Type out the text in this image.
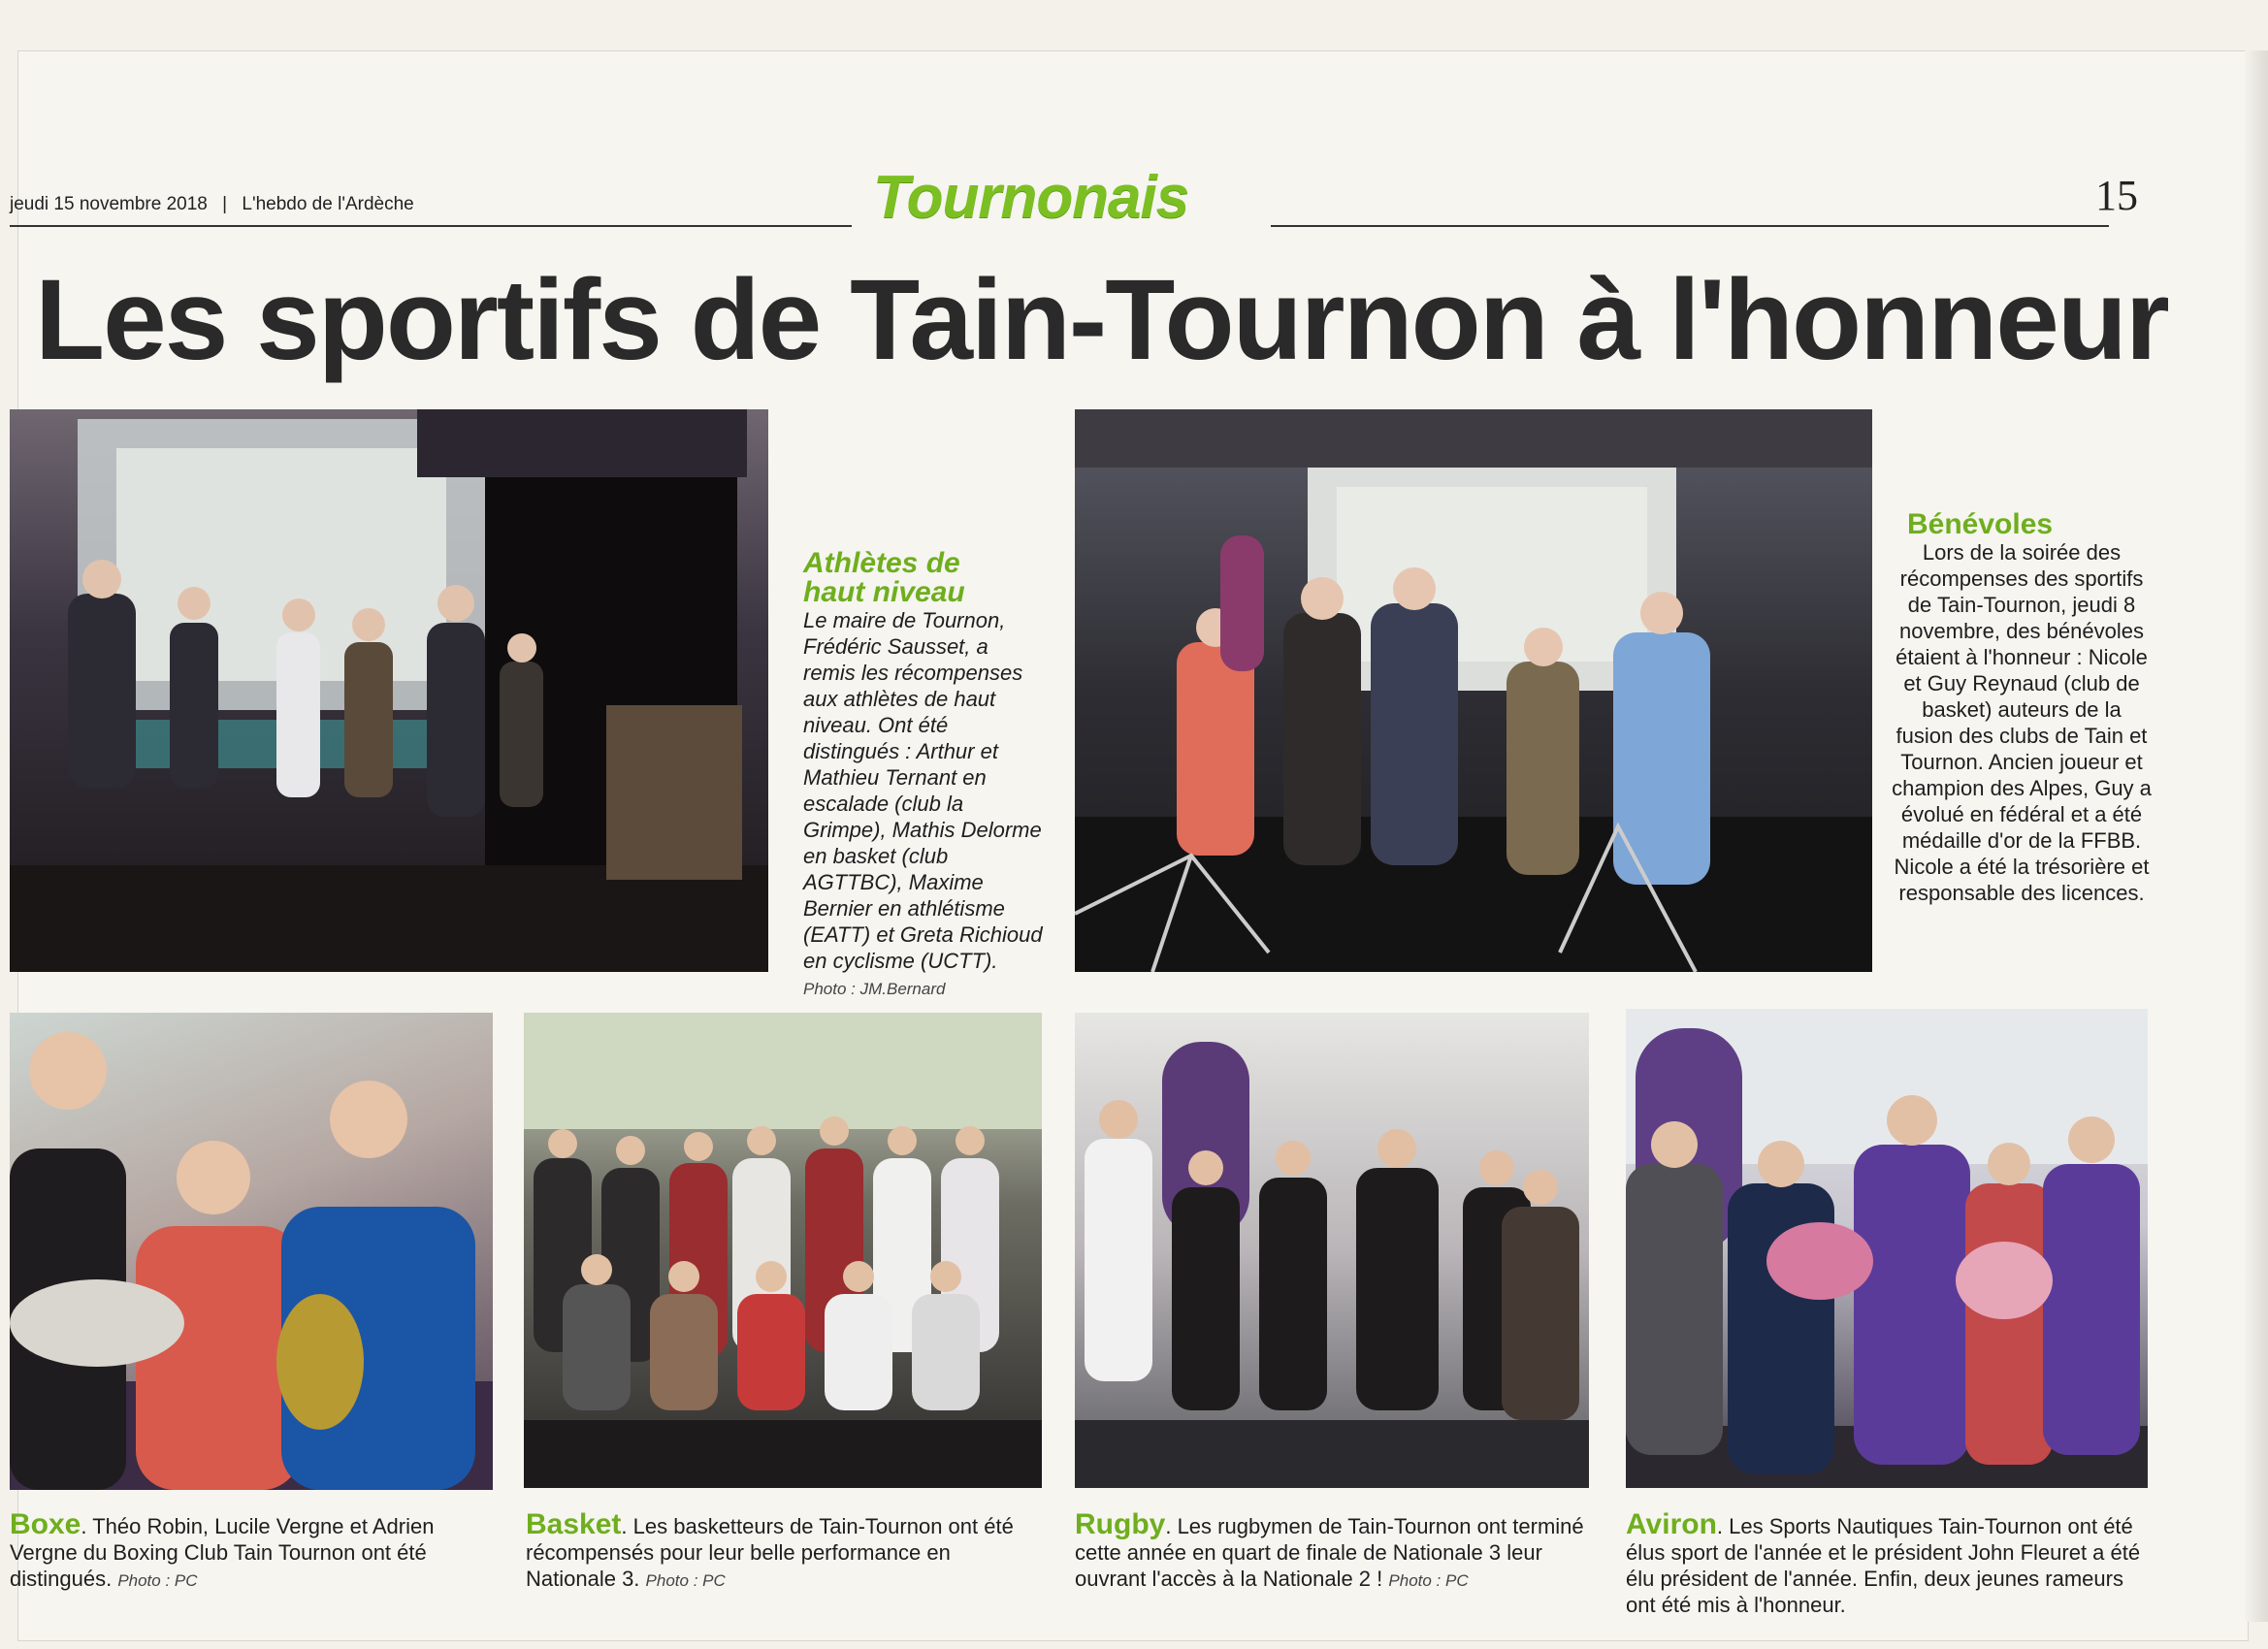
jeudi 15 novembre 2018 | L'hebdo de l'Ardèche	Tournonais	15
Les sportifs de Tain-Tournon à l'honneur
Athlètes de haut niveau
Le maire de Tournon, Frédéric Sausset, a remis les récompenses aux athlètes de haut niveau. Ont été distingués : Arthur et Mathieu Ternant en escalade (club la Grimpe), Mathis Delorme en basket (club AGTTBC), Maxime Bernier en athlétisme (EATT) et Greta Richioud en cyclisme (UCTT). Photo : JM.Bernard
Bénévoles
Lors de la soirée des récompenses des sportifs de Tain-Tournon, jeudi 8 novembre, des bénévoles étaient à l'honneur : Nicole et Guy Reynaud (club de basket) auteurs de la fusion des clubs de Tain et Tournon. Ancien joueur et champion des Alpes, Guy a évolué en fédéral et a été médaille d'or de la FFBB. Nicole a été la trésorière et responsable des licences.
Boxe. Théo Robin, Lucile Vergne et Adrien Vergne du Boxing Club Tain Tournon ont été distingués. Photo : PC
Basket. Les basketteurs de Tain-Tournon ont été récompensés pour leur belle performance en Nationale 3. Photo : PC
Rugby. Les rugbymen de Tain-Tournon ont terminé cette année en quart de finale de Nationale 3 leur ouvrant l'accès à la Nationale 2 ! Photo : PC
Aviron. Les Sports Nautiques Tain-Tournon ont été élus sport de l'année et le président John Fleuret a été élu président de l'année. Enfin, deux jeunes rameurs ont été mis à l'honneur.
